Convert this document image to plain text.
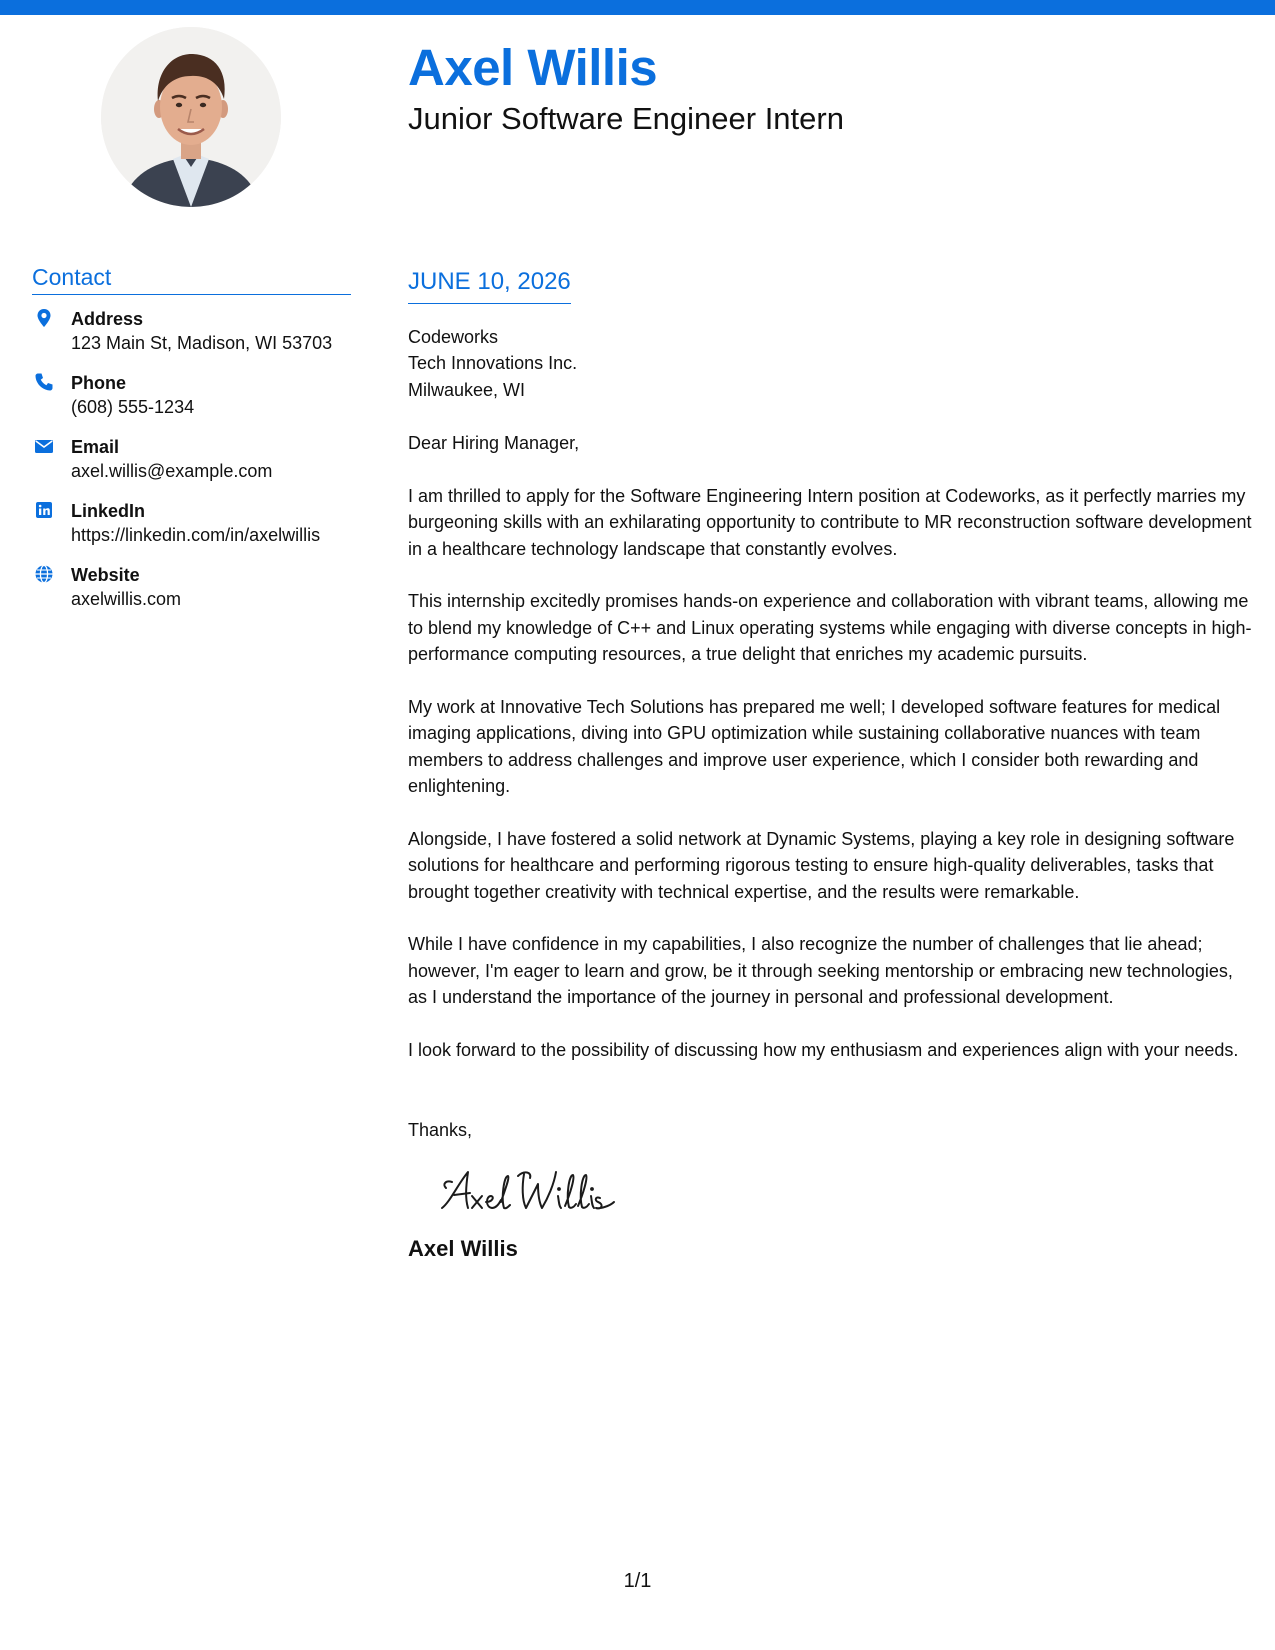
Axel Willis
Junior Software Engineer Intern
Contact
Address
123 Main St, Madison, WI 53703
Phone
(608) 555-1234
Email
axel.willis@example.com
LinkedIn
https://linkedin.com/in/axelwillis
Website
axelwillis.com
JUNE 10, 2026
Codeworks
Tech Innovations Inc.
Milwaukee, WI
Dear Hiring Manager,

I am thrilled to apply for the Software Engineering Intern position at Codeworks, as it perfectly marries my burgeoning skills with an exhilarating opportunity to contribute to MR reconstruction software development in a healthcare technology landscape that constantly evolves.

This internship excitedly promises hands-on experience and collaboration with vibrant teams, allowing me to blend my knowledge of C++ and Linux operating systems while engaging with diverse concepts in high-performance computing resources, a true delight that enriches my academic pursuits.

My work at Innovative Tech Solutions has prepared me well; I developed software features for medical imaging applications, diving into GPU optimization while sustaining collaborative nuances with team members to address challenges and improve user experience, which I consider both rewarding and enlightening.

Alongside, I have fostered a solid network at Dynamic Systems, playing a key role in designing software solutions for healthcare and performing rigorous testing to ensure high-quality deliverables, tasks that brought together creativity with technical expertise, and the results were remarkable.

While I have confidence in my capabilities, I also recognize the number of challenges that lie ahead; however, I'm eager to learn and grow, be it through seeking mentorship or embracing new technologies, as I understand the importance of the journey in personal and professional development.

I look forward to the possibility of discussing how my enthusiasm and experiences align with your needs.

Thanks,
Axel Willis
1/1
